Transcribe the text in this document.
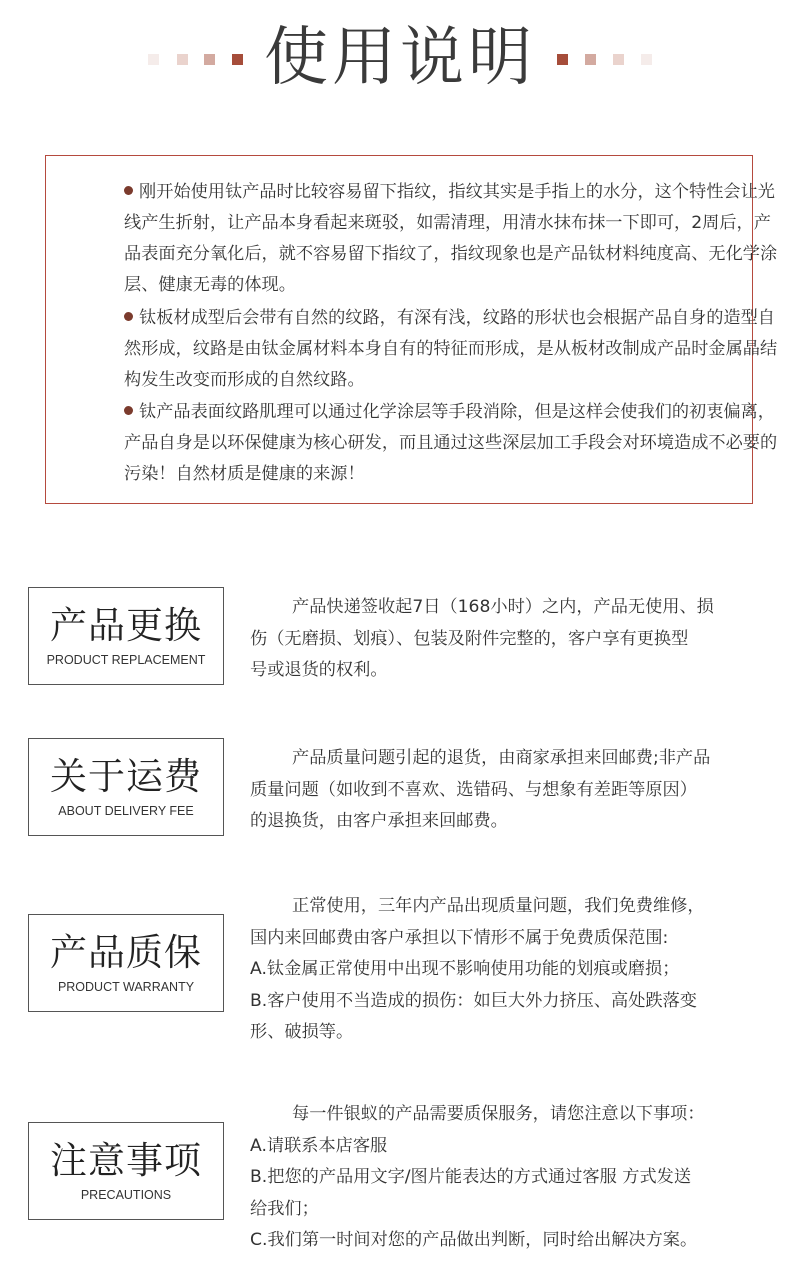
使用说明

刚开始使用钛产品时比较容易留下指纹，指纹其实是手指上的水分，这个特性会让光线产生折射，让产品本身看起来斑驳，如需清理，用清水抹布抹一下即可，2周后，产品表面充分氧化后，就不容易留下指纹了，指纹现象也是产品钛材料纯度高、无化学涂层、健康无毒的体现。

钛板材成型后会带有自然的纹路，有深有浅，纹路的形状也会根据产品自身的造型自然形成，纹路是由钛金属材料本身自有的特征而形成，是从板材改制成产品时金属晶结构发生改变而形成的自然纹路。

钛产品表面纹路肌理可以通过化学涂层等手段消除，但是这样会使我们的初衷偏离，产品自身是以环保健康为核心研发，而且通过这些深层加工手段会对环境造成不必要的污染！自然材质是健康的来源！

产品更换
PRODUCT REPLACEMENT
产品快递签收起7日（168小时）之内，产品无使用、损
伤（无磨损、划痕）、包装及附件完整的，客户享有更换型
号或退货的权利。
关于运费
ABOUT DELIVERY FEE
产品质量问题引起的退货，由商家承担来回邮费;非产品
质量问题（如收到不喜欢、选错码、与想象有差距等原因）
的退换货，由客户承担来回邮费。
产品质保
PRODUCT WARRANTY
正常使用，三年内产品出现质量问题，我们免费维修，
国内来回邮费由客户承担以下情形不属于免费质保范围:
A.钛金属正常使用中出现不影响使用功能的划痕或磨损；
B.客户使用不当造成的损伤：如巨大外力挤压、高处跌落变
形、破损等。
注意事项
PRECAUTIONS
每一件银蚁的产品需要质保服务，请您注意以下事项：
A.请联系本店客服
B.把您的产品用文字/图片能表达的方式通过客服 方式发送
给我们；
C.我们第一时间对您的产品做出判断，同时给出解决方案。
